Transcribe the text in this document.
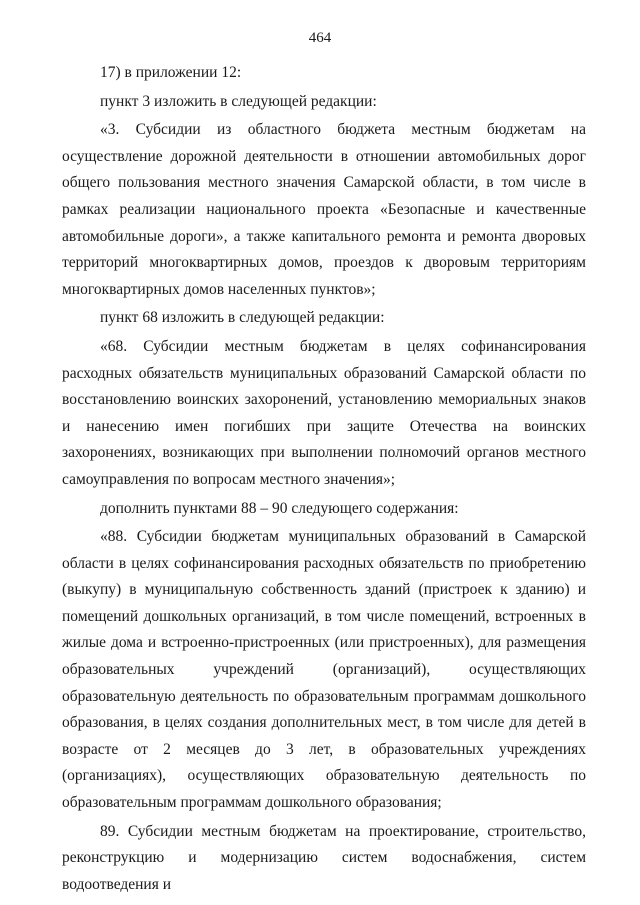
464

17) в приложении 12:

пункт 3 изложить в следующей редакции:

«3. Субсидии из областного бюджета местным бюджетам на осуществление дорожной деятельности в отношении автомобильных дорог общего пользования местного значения Самарской области, в том числе в рамках реализации национального проекта «Безопасные и качественные автомобильные дороги», а также капитального ремонта и ремонта дворовых территорий многоквартирных домов, проездов к дворовым территориям многоквартирных домов населенных пунктов»;

пункт 68 изложить в следующей редакции:

«68. Субсидии местным бюджетам в целях софинансирования расходных обязательств муниципальных образований Самарской области по восстановлению воинских захоронений, установлению мемориальных знаков и нанесению имен погибших при защите Отечества на воинских захоронениях, возникающих при выполнении полномочий органов местного самоуправления по вопросам местного значения»;

дополнить пунктами 88 – 90 следующего содержания:

«88. Субсидии бюджетам муниципальных образований в Самарской области в целях софинансирования расходных обязательств по приобретению (выкупу) в муниципальную собственность зданий (пристроек к зданию) и помещений дошкольных организаций, в том числе помещений, встроенных в жилые дома и встроенно-пристроенных (или пристроенных), для размещения образовательных учреждений (организаций), осуществляющих образовательную деятельность по образовательным программам дошкольного образования, в целях создания дополнительных мест, в том числе для детей в возрасте от 2 месяцев до 3 лет, в образовательных учреждениях (организациях), осуществляющих образовательную деятельность по образовательным программам дошкольного образования;

89. Субсидии местным бюджетам на проектирование, строительство, реконструкцию и модернизацию систем водоснабжения, систем водоотведения и
